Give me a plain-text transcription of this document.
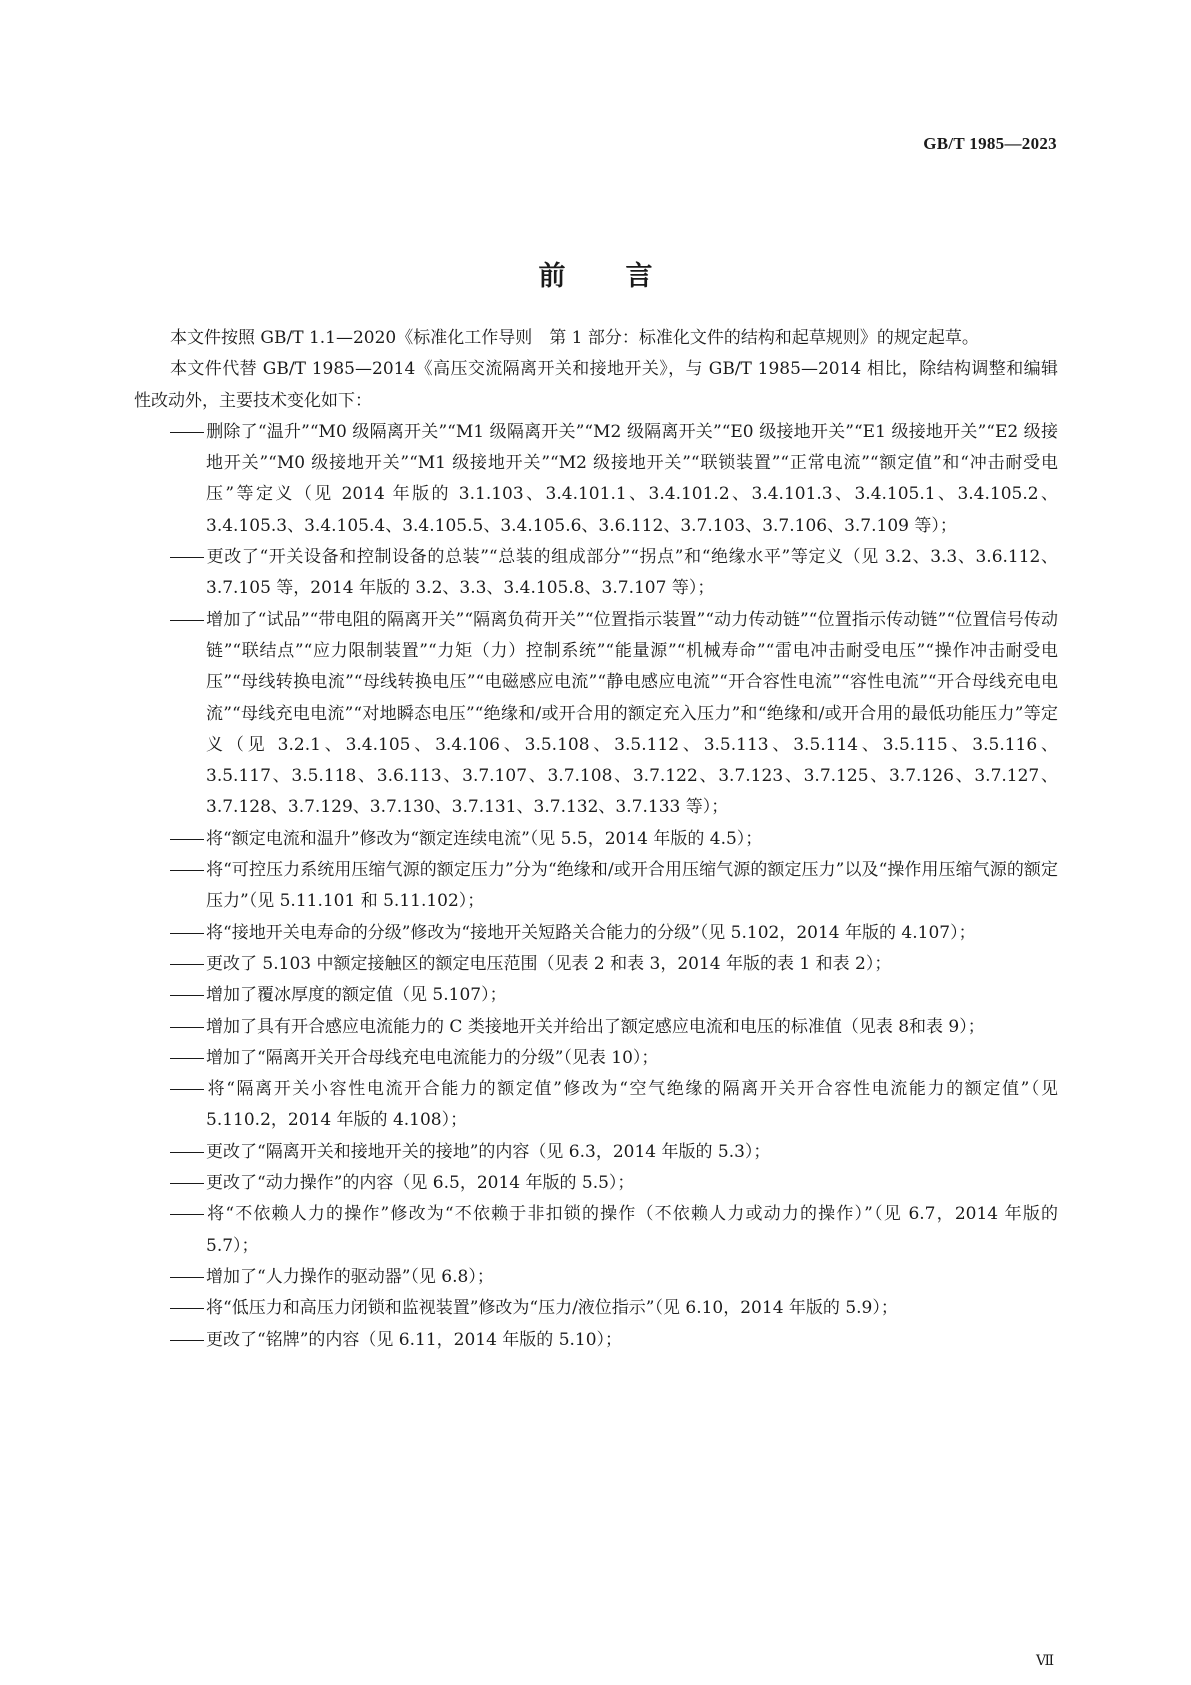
GB/T 1985—2023
前言

本文件按照 GB/T 1.1—2020《标准化工作导则　第 1 部分：标准化文件的结构和起草规则》的规定起草。

本文件代替 GB/T 1985—2014《高压交流隔离开关和接地开关》，与 GB/T 1985—2014 相比，除结构调整和编辑性改动外，主要技术变化如下：

删除了“温升”“M0 级隔离开关”“M1 级隔离开关”“M2 级隔离开关”“E0 级接地开关”“E1 级接地开关”“E2 级接地开关”“M0 级接地开关”“M1 级接地开关”“M2 级接地开关”“联锁装置”“正常电流”“额定值”和“冲击耐受电压”等定义（见 2014 年版的 3.1.103、3.4.101.1、3.4.101.2、3.4.101.3、3.4.105.1、3.4.105.2、3.4.105.3、3.4.105.4、3.4.105.5、3.4.105.6、3.6.112、3.7.103、3.7.106、3.7.109 等）；

更改了“开关设备和控制设备的总装”“总装的组成部分”“拐点”和“绝缘水平”等定义（见 3.2、3.3、3.6.112、3.7.105 等，2014 年版的 3.2、3.3、3.4.105.8、3.7.107 等）；

增加了“试品”“带电阻的隔离开关”“隔离负荷开关”“位置指示装置”“动力传动链”“位置指示传动链”“位置信号传动链”“联结点”“应力限制装置”“力矩（力）控制系统”“能量源”“机械寿命”“雷电冲击耐受电压”“操作冲击耐受电压”“母线转换电流”“母线转换电压”“电磁感应电流”“静电感应电流”“开合容性电流”“容性电流”“开合母线充电电流”“母线充电电流”“对地瞬态电压”“绝缘和/或开合用的额定充入压力”和“绝缘和/或开合用的最低功能压力”等定义（见 3.2.1、3.4.105、3.4.106、3.5.108、3.5.112、3.5.113、3.5.114、3.5.115、3.5.116、3.5.117、3.5.118、3.6.113、3.7.107、3.7.108、3.7.122、3.7.123、3.7.125、3.7.126、3.7.127、3.7.128、3.7.129、3.7.130、3.7.131、3.7.132、3.7.133 等）；

将“额定电流和温升”修改为“额定连续电流”（见 5.5，2014 年版的 4.5）；

将“可控压力系统用压缩气源的额定压力”分为“绝缘和/或开合用压缩气源的额定压力”以及“操作用压缩气源的额定压力”（见 5.11.101 和 5.11.102）；

将“接地开关电寿命的分级”修改为“接地开关短路关合能力的分级”（见 5.102，2014 年版的 4.107）；

更改了 5.103 中额定接触区的额定电压范围（见表 2 和表 3，2014 年版的表 1 和表 2）；

增加了覆冰厚度的额定值（见 5.107）；

增加了具有开合感应电流能力的 C 类接地开关并给出了额定感应电流和电压的标准值（见表 8和表 9）；

增加了“隔离开关开合母线充电电流能力的分级”（见表 10）；

将“隔离开关小容性电流开合能力的额定值”修改为“空气绝缘的隔离开关开合容性电流能力的额定值”（见 5.110.2，2014 年版的 4.108）；

更改了“隔离开关和接地开关的接地”的内容（见 6.3，2014 年版的 5.3）；

更改了“动力操作”的内容（见 6.5，2014 年版的 5.5）；

将“不依赖人力的操作”修改为“不依赖于非扣锁的操作（不依赖人力或动力的操作）”（见 6.7，2014 年版的 5.7）；

增加了“人力操作的驱动器”（见 6.8）；

将“低压力和高压力闭锁和监视装置”修改为“压力/液位指示”（见 6.10，2014 年版的 5.9）；

更改了“铭牌”的内容（见 6.11，2014 年版的 5.10）；

Ⅶ
